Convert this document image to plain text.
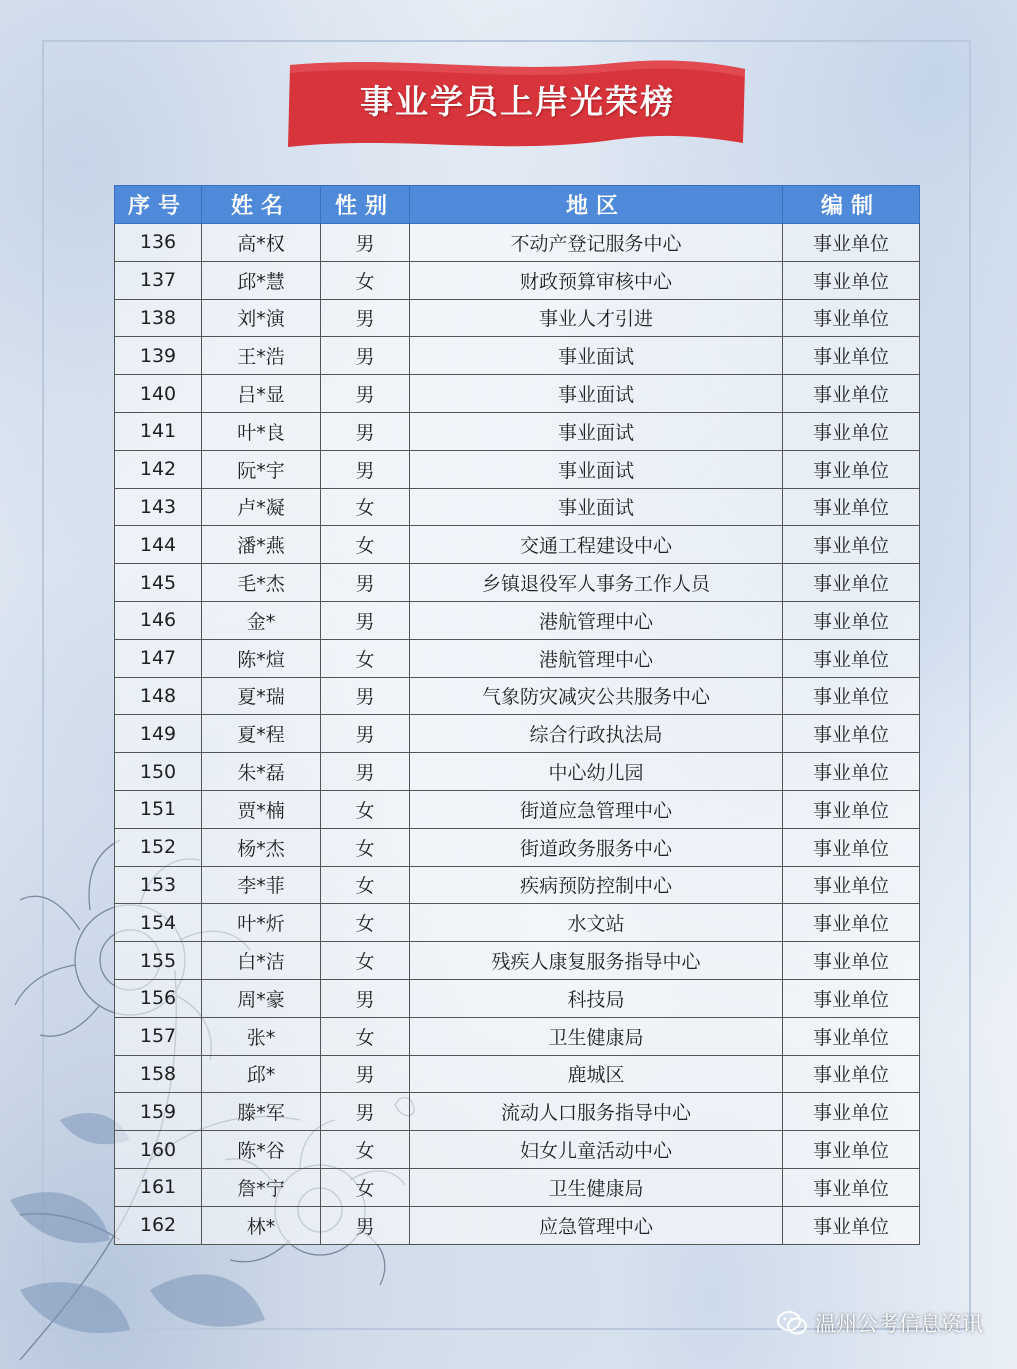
事业学员上岸光荣榜
序号	姓名	性别	地区	编制
136	高*权	男	不动产登记服务中心	事业单位
137	邱*慧	女	财政预算审核中心	事业单位
138	刘*演	男	事业人才引进	事业单位
139	王*浩	男	事业面试	事业单位
140	吕*显	男	事业面试	事业单位
141	叶*良	男	事业面试	事业单位
142	阮*宇	男	事业面试	事业单位
143	卢*凝	女	事业面试	事业单位
144	潘*燕	女	交通工程建设中心	事业单位
145	毛*杰	男	乡镇退役军人事务工作人员	事业单位
146	金*	男	港航管理中心	事业单位
147	陈*煊	女	港航管理中心	事业单位
148	夏*瑞	男	气象防灾减灾公共服务中心	事业单位
149	夏*程	男	综合行政执法局	事业单位
150	朱*磊	男	中心幼儿园	事业单位
151	贾*楠	女	街道应急管理中心	事业单位
152	杨*杰	女	街道政务服务中心	事业单位
153	李*菲	女	疾病预防控制中心	事业单位
154	叶*炘	女	水文站	事业单位
155	白*洁	女	残疾人康复服务指导中心	事业单位
156	周*豪	男	科技局	事业单位
157	张*	女	卫生健康局	事业单位
158	邱*	男	鹿城区	事业单位
159	滕*军	男	流动人口服务指导中心	事业单位
160	陈*谷	女	妇女儿童活动中心	事业单位
161	詹*宁	女	卫生健康局	事业单位
162	林*	男	应急管理中心	事业单位
温州公考信息资讯
